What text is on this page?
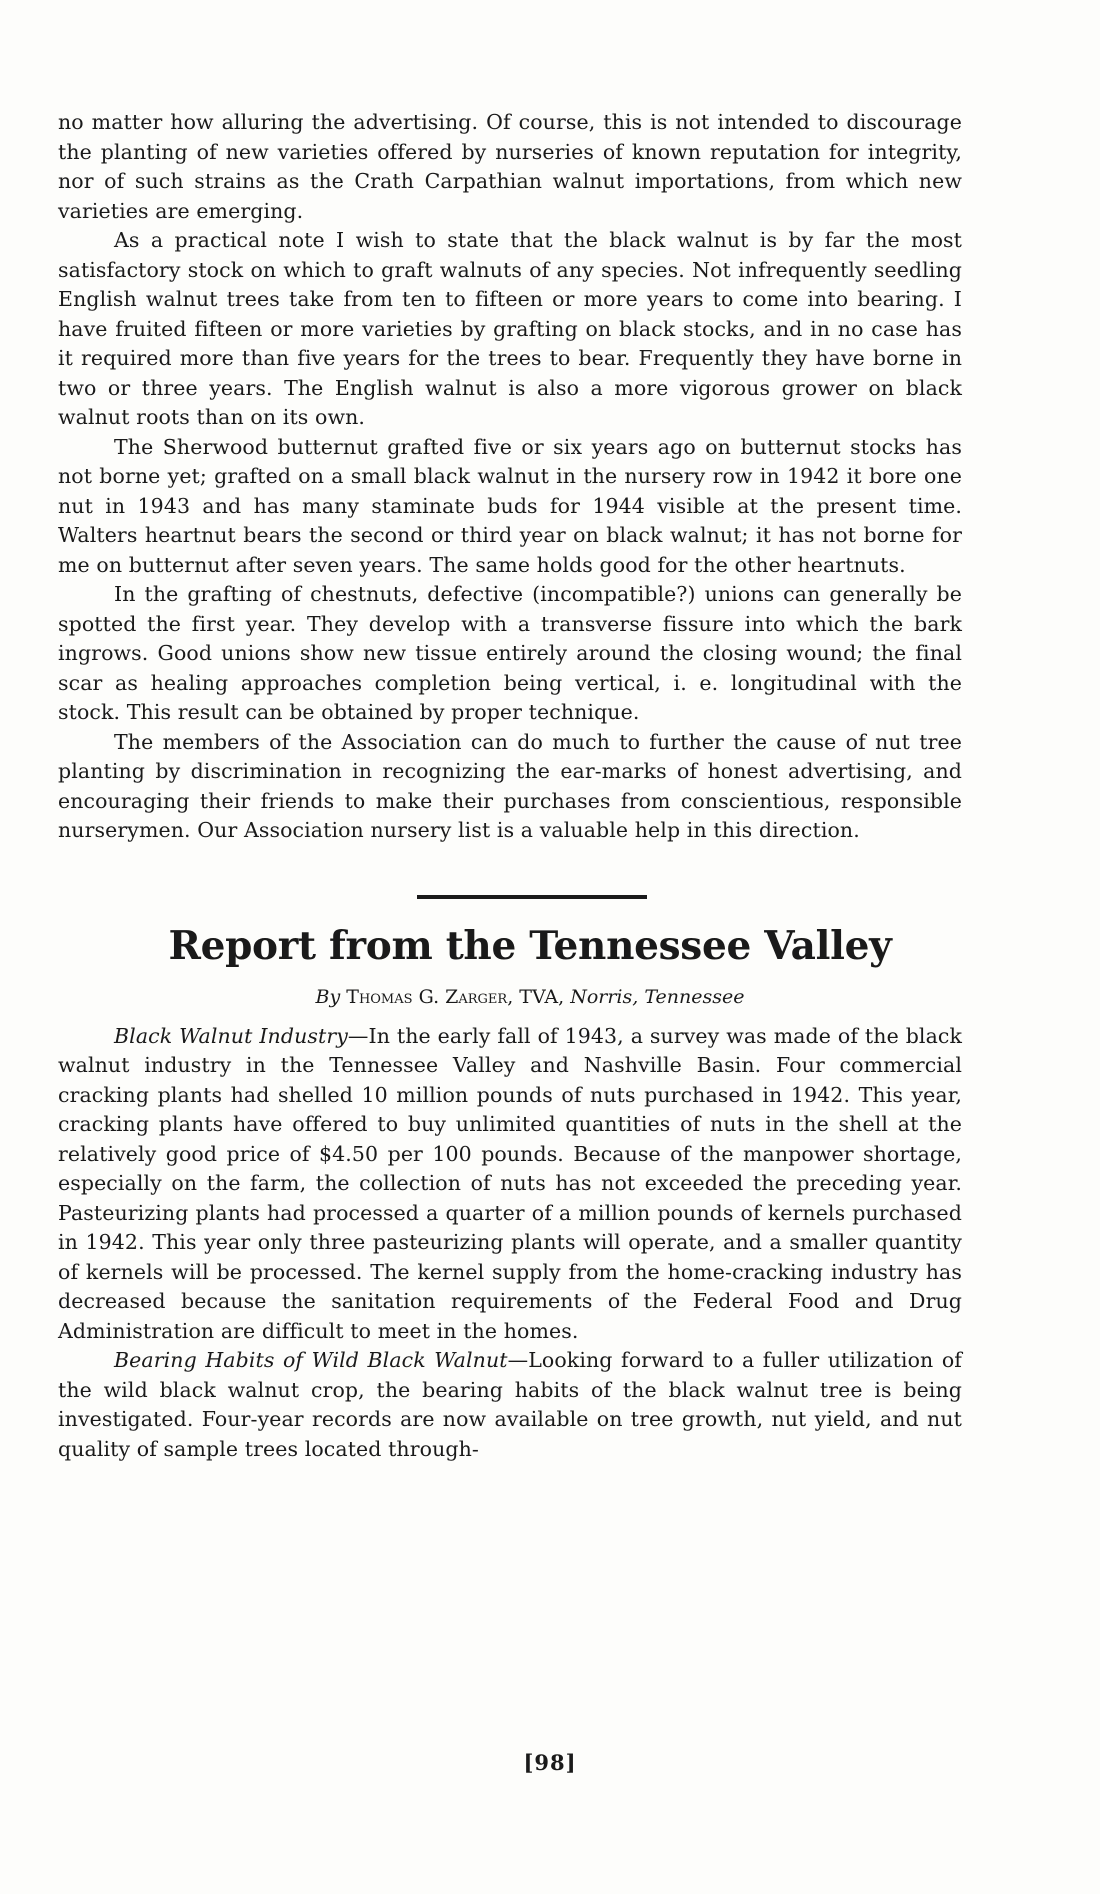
no matter how alluring the advertising. Of course, this is not intended to discourage the planting of new varieties offered by nurseries of known reputation for integrity, nor of such strains as the Crath Carpathian walnut importations, from which new varieties are emerging.

As a practical note I wish to state that the black walnut is by far the most satisfactory stock on which to graft walnuts of any species. Not infrequently seedling English walnut trees take from ten to fifteen or more years to come into bearing. I have fruited fifteen or more varieties by grafting on black stocks, and in no case has it required more than five years for the trees to bear. Frequently they have borne in two or three years. The English walnut is also a more vigorous grower on black walnut roots than on its own.

The Sherwood butternut grafted five or six years ago on butternut stocks has not borne yet; grafted on a small black walnut in the nursery row in 1942 it bore one nut in 1943 and has many staminate buds for 1944 visible at the present time. Walters heartnut bears the second or third year on black walnut; it has not borne for me on butternut after seven years. The same holds good for the other heartnuts.

In the grafting of chestnuts, defective (incompatible?) unions can generally be spotted the first year. They develop with a transverse fissure into which the bark ingrows. Good unions show new tissue entirely around the closing wound; the final scar as healing approaches completion being vertical, i. e. longitudinal with the stock. This result can be obtained by proper technique.

The members of the Association can do much to further the cause of nut tree planting by discrimination in recognizing the ear-marks of honest advertising, and encouraging their friends to make their purchases from conscientious, responsible nurserymen. Our Association nursery list is a valuable help in this direction.

Report from the Tennessee Valley
By Thomas G. Zarger, TVA, Norris, Tennessee

Black Walnut Industry—In the early fall of 1943, a survey was made of the black walnut industry in the Tennessee Valley and Nashville Basin. Four commercial cracking plants had shelled 10 million pounds of nuts purchased in 1942. This year, cracking plants have offered to buy unlimited quantities of nuts in the shell at the relatively good price of $4.50 per 100 pounds. Because of the manpower shortage, especially on the farm, the collection of nuts has not exceeded the preceding year. Pasteurizing plants had processed a quarter of a million pounds of kernels purchased in 1942. This year only three pasteurizing plants will operate, and a smaller quantity of kernels will be processed. The kernel supply from the home-cracking industry has decreased because the sanitation requirements of the Federal Food and Drug Administration are difficult to meet in the homes.

Bearing Habits of Wild Black Walnut—Looking forward to a fuller utilization of the wild black walnut crop, the bearing habits of the black walnut tree is being investigated. Four-year records are now available on tree growth, nut yield, and nut quality of sample trees located through-

[98]
